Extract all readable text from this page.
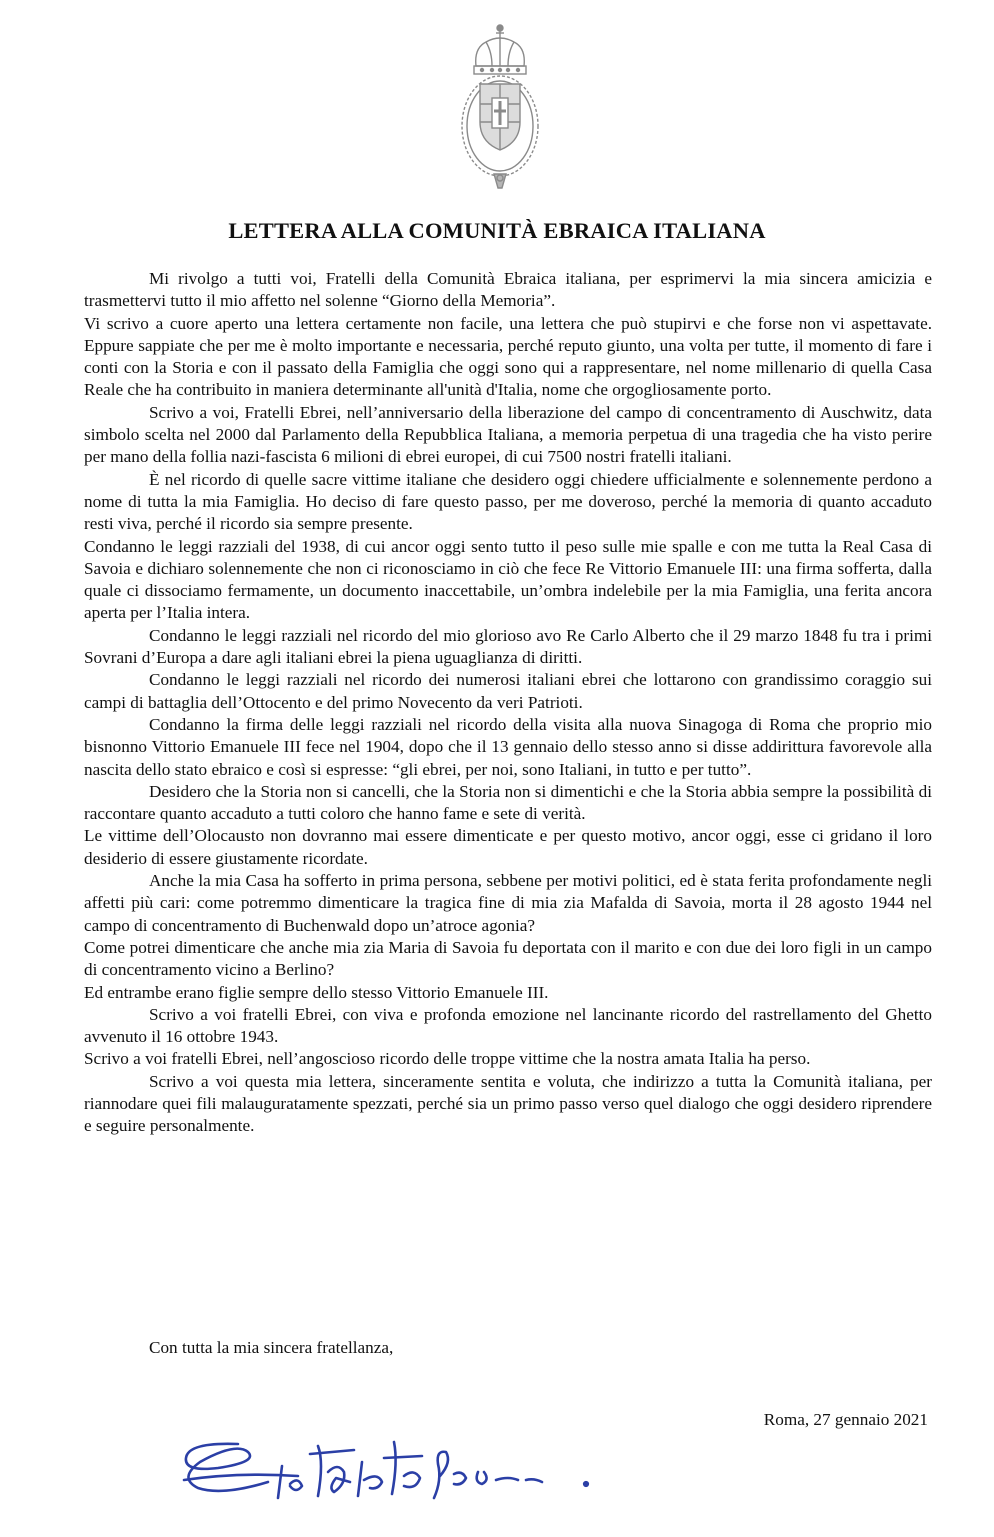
LETTERA ALLA COMUNITÀ EBRAICA ITALIANA

Mi rivolgo a tutti voi, Fratelli della Comunità Ebraica italiana, per esprimervi la mia sincera amicizia e trasmettervi tutto il mio affetto nel solenne “Giorno della Memoria”.

Vi scrivo a cuore aperto una lettera certamente non facile, una lettera che può stupirvi e che forse non vi aspettavate. Eppure sappiate che per me è molto importante e necessaria, perché reputo giunto, una volta per tutte, il momento di fare i conti con la Storia e con il passato della Famiglia che oggi sono qui a rappresentare, nel nome millenario di quella Casa Reale che ha contribuito in maniera determinante all'unità d'Italia, nome che orgogliosamente porto.

Scrivo a voi, Fratelli Ebrei, nell’anniversario della liberazione del campo di concentramento di Auschwitz, data simbolo scelta nel 2000 dal Parlamento della Repubblica Italiana, a memoria perpetua di una tragedia che ha visto perire per mano della follia nazi-fascista 6 milioni di ebrei europei, di cui 7500 nostri fratelli italiani.

È nel ricordo di quelle sacre vittime italiane che desidero oggi chiedere ufficialmente e solennemente perdono a nome di tutta la mia Famiglia. Ho deciso di fare questo passo, per me doveroso, perché la memoria di quanto accaduto resti viva, perché il ricordo sia sempre presente.

Condanno le leggi razziali del 1938, di cui ancor oggi sento tutto il peso sulle mie spalle e con me tutta la Real Casa di Savoia e dichiaro solennemente che non ci riconosciamo in ciò che fece Re Vittorio Emanuele III: una firma sofferta, dalla quale ci dissociamo fermamente, un documento inaccettabile, un’ombra indelebile per la mia Famiglia, una ferita ancora aperta per l’Italia intera.

Condanno le leggi razziali nel ricordo del mio glorioso avo Re Carlo Alberto che il 29 marzo 1848 fu tra i primi Sovrani d’Europa a dare agli italiani ebrei la piena uguaglianza di diritti.

Condanno le leggi razziali nel ricordo dei numerosi italiani ebrei che lottarono con grandissimo coraggio sui campi di battaglia dell’Ottocento e del primo Novecento da veri Patrioti.

Condanno la firma delle leggi razziali nel ricordo della visita alla nuova Sinagoga di Roma che proprio mio bisnonno Vittorio Emanuele III fece nel 1904, dopo che il 13 gennaio dello stesso anno si disse addirittura favorevole alla nascita dello stato ebraico e così si espresse: “gli ebrei, per noi, sono Italiani, in tutto e per tutto”.

Desidero che la Storia non si cancelli, che la Storia non si dimentichi e che la Storia abbia sempre la possibilità di raccontare quanto accaduto a tutti coloro che hanno fame e sete di verità.

Le vittime dell’Olocausto non dovranno mai essere dimenticate e per questo motivo, ancor oggi, esse ci gridano il loro desiderio di essere giustamente ricordate.

Anche la mia Casa ha sofferto in prima persona, sebbene per motivi politici, ed è stata ferita profondamente negli affetti più cari: come potremmo dimenticare la tragica fine di mia zia Mafalda di Savoia, morta il 28 agosto 1944 nel campo di concentramento di Buchenwald dopo un’atroce agonia?

Come potrei dimenticare che anche mia zia Maria di Savoia fu deportata con il marito e con due dei loro figli in un campo di concentramento vicino a Berlino?

Ed entrambe erano figlie sempre dello stesso Vittorio Emanuele III.

Scrivo a voi fratelli Ebrei, con viva e profonda emozione nel lancinante ricordo del rastrellamento del Ghetto avvenuto il 16 ottobre 1943.

Scrivo a voi fratelli Ebrei, nell’angoscioso ricordo delle troppe vittime che la nostra amata Italia ha perso.

Scrivo a voi questa mia lettera, sinceramente sentita e voluta, che indirizzo a tutta la Comunità italiana, per riannodare quei fili malauguratamente spezzati, perché sia un primo passo verso quel dialogo che oggi desidero riprendere e seguire personalmente.

Con tutta la mia sincera fratellanza,

Roma, 27 gennaio 2021
